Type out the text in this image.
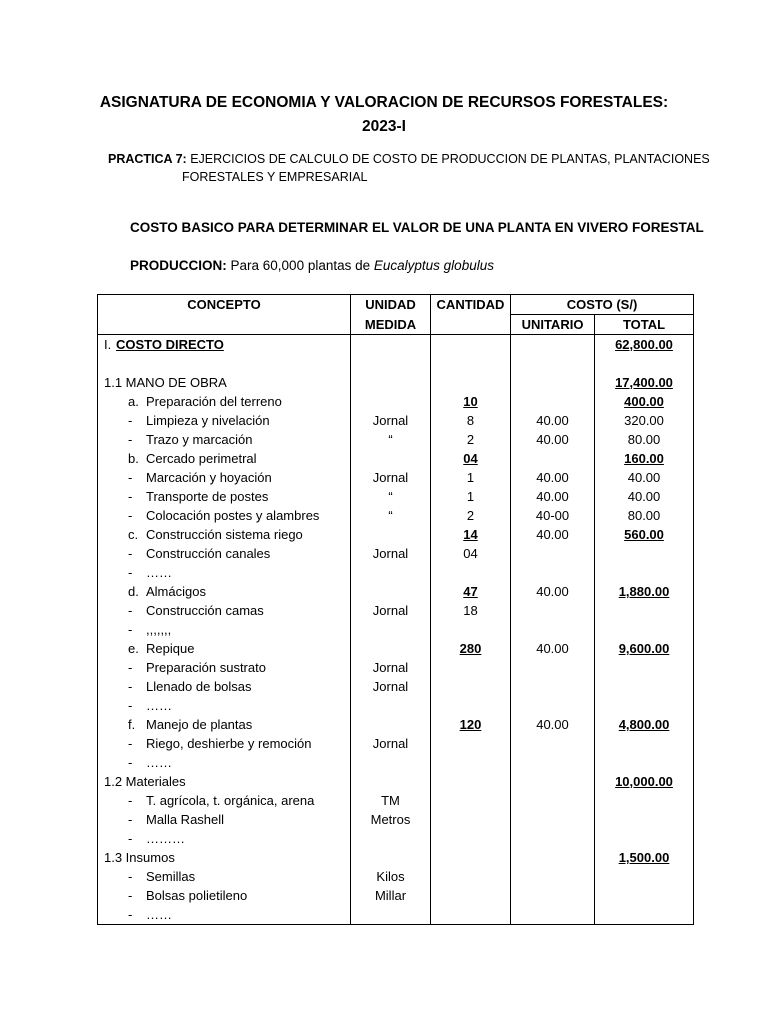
ASIGNATURA DE ECONOMIA Y VALORACION DE RECURSOS FORESTALES:
2023-I
PRACTICA 7: EJERCICIOS DE CALCULO DE COSTO DE PRODUCCION DE PLANTAS, PLANTACIONES
FORESTALES Y EMPRESARIAL
COSTO BASICO PARA DETERMINAR EL VALOR DE UNA PLANTA EN VIVERO FORESTAL
PRODUCCION: Para 60,000 plantas de Eucalyptus globulus
CONCEPTO	UNIDAD	CANTIDAD	COSTO (S/)	
	MEDIDA		UNITARIO	TOTAL
I. COSTO DIRECTO				62,800.00

1.1 MANO DE OBRA				17,400.00
a. Preparación del terreno		10		400.00
- Limpieza y nivelación	Jornal	8	40.00	320.00
- Trazo y marcación	“	2	40.00	80.00
b. Cercado perimetral		04		160.00
- Marcación y hoyación	Jornal	1	40.00	40.00
- Transporte de postes	“	1	40.00	40.00
- Colocación postes y alambres	“	2	40-00	80.00
c. Construcción sistema riego		14	40.00	560.00
- Construcción canales	Jornal	04		
- ……				
d. Almácigos		47	40.00	1,880.00
- Construcción camas	Jornal	18		
- ,,,,,,,				
e. Repique		280	40.00	9,600.00
- Preparación sustrato	Jornal			
- Llenado de bolsas	Jornal			
- ……				
f. Manejo de plantas		120	40.00	4,800.00
- Riego, deshierbe y remoción	Jornal			
- ……				
1.2 Materiales				10,000.00
- T. agrícola, t. orgánica, arena	TM			
- Malla Rashell	Metros			
- ………				
1.3 Insumos				1,500.00
- Semillas	Kilos			
- Bolsas polietileno	Millar			
- ……				
